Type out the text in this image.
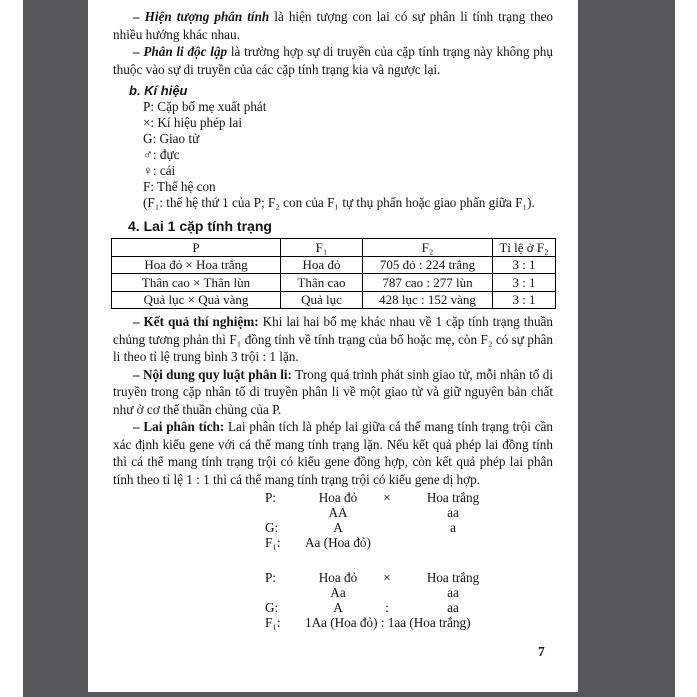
– Hiện tượng phân tính là hiện tượng con lai có sự phân li tính trạng theo nhiều hướng khác nhau.

– Phân li độc lập là trường hợp sự di truyền của cặp tính trạng này không phụ thuộc vào sự di truyền của các cặp tính trạng kia và ngược lại.

b. Kí hiệu
P: Cặp bố mẹ xuất phát
×: Kí hiệu phép lai
G: Giao tử
♂: đực
♀: cái
F: Thế hệ con
(F₁: thế hệ thứ 1 của P; F₂ con của F₁ tự thụ phấn hoặc giao phấn giữa F₁).
4. Lai 1 cặp tính trạng
P	F₁	F₂	Tỉ lệ ở F₂
Hoa đỏ × Hoa trắng	Hoa đỏ	705 đỏ : 224 trắng	3 : 1
Thân cao × Thân lùn	Thân cao	787 cao : 277 lùn	3 : 1
Quả lục × Quả vàng	Quả lục	428 lục : 152 vàng	3 : 1

– Kết quả thí nghiệm: Khi lai hai bố mẹ khác nhau về 1 cặp tính trạng thuần chủng tương phản thì F₁ đồng tính về tính trạng của bố hoặc mẹ, còn F₂ có sự phân li theo tỉ lệ trung bình 3 trội : 1 lặn.

– Nội dung quy luật phân li: Trong quá trình phát sinh giao tử, mỗi nhân tố di truyền trong cặp nhân tố di truyền phân li về một giao tử và giữ nguyên bản chất như ở cơ thể thuần chủng của P.

– Lai phân tích: Lai phân tích là phép lai giữa cá thể mang tính trạng trội cần xác định kiểu gene với cá thể mang tính trạng lặn. Nếu kết quả phép lai đồng tính thì cá thể mang tính trạng trội có kiểu gene đồng hợp, còn kết quả phép lai phân tính theo tỉ lệ 1 : 1 thì cá thể mang tính trạng trội có kiểu gene dị hợp.

P:	Hoa đỏ	×	Hoa trắng
AA	aa
G:	A	a
F₁:	Aa (Hoa đỏ)
P:	Hoa đỏ	×	Hoa trắng
Aa	aa
G:	A	:	aa
F₁:	1Aa (Hoa đỏ) : 1aa (Hoa trắng)
7
